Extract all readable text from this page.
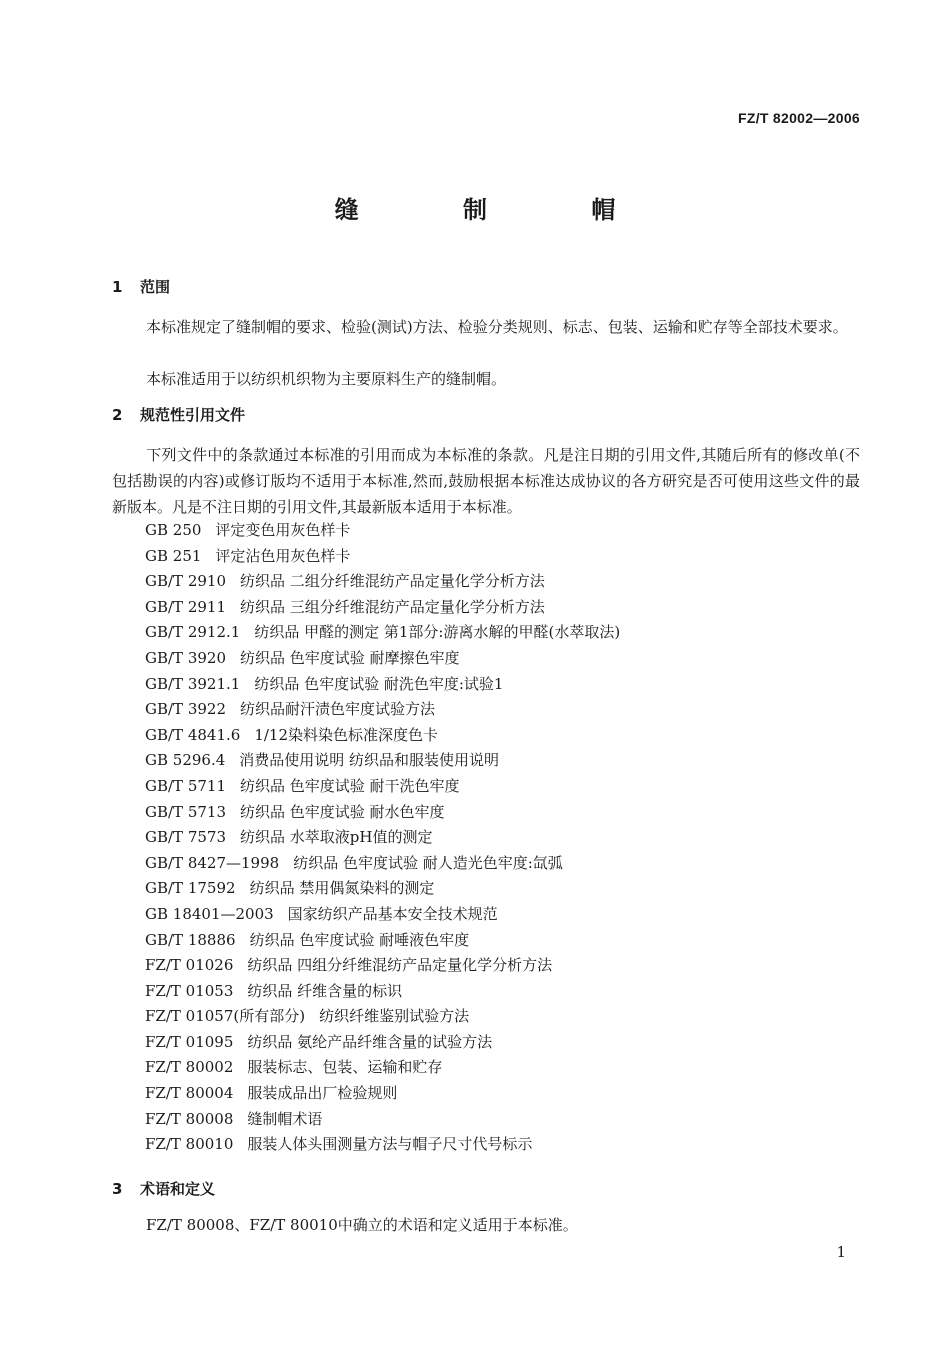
FZ/T 82002—2006
缝 制 帽
1 范围
本标准规定了缝制帽的要求、检验(测试)方法、检验分类规则、标志、包装、运输和贮存等全部技术要求。
本标准适用于以纺织机织物为主要原料生产的缝制帽。
2 规范性引用文件
下列文件中的条款通过本标准的引用而成为本标准的条款。凡是注日期的引用文件,其随后所有的修改单(不包括勘误的内容)或修订版均不适用于本标准,然而,鼓励根据本标准达成协议的各方研究是否可使用这些文件的最新版本。凡是不注日期的引用文件,其最新版本适用于本标准。
GB 250 评定变色用灰色样卡
GB 251 评定沾色用灰色样卡
GB/T 2910 纺织品 二组分纤维混纺产品定量化学分析方法
GB/T 2911 纺织品 三组分纤维混纺产品定量化学分析方法
GB/T 2912.1 纺织品 甲醛的测定 第1部分:游离水解的甲醛(水萃取法)
GB/T 3920 纺织品 色牢度试验 耐摩擦色牢度
GB/T 3921.1 纺织品 色牢度试验 耐洗色牢度:试验1
GB/T 3922 纺织品耐汗渍色牢度试验方法
GB/T 4841.6 1/12染料染色标准深度色卡
GB 5296.4 消费品使用说明 纺织品和服装使用说明
GB/T 5711 纺织品 色牢度试验 耐干洗色牢度
GB/T 5713 纺织品 色牢度试验 耐水色牢度
GB/T 7573 纺织品 水萃取液pH值的测定
GB/T 8427—1998 纺织品 色牢度试验 耐人造光色牢度:氙弧
GB/T 17592 纺织品 禁用偶氮染料的测定
GB 18401—2003 国家纺织产品基本安全技术规范
GB/T 18886 纺织品 色牢度试验 耐唾液色牢度
FZ/T 01026 纺织品 四组分纤维混纺产品定量化学分析方法
FZ/T 01053 纺织品 纤维含量的标识
FZ/T 01057(所有部分) 纺织纤维鉴别试验方法
FZ/T 01095 纺织品 氨纶产品纤维含量的试验方法
FZ/T 80002 服装标志、包装、运输和贮存
FZ/T 80004 服装成品出厂检验规则
FZ/T 80008 缝制帽术语
FZ/T 80010 服装人体头围测量方法与帽子尺寸代号标示
3 术语和定义
FZ/T 80008、FZ/T 80010中确立的术语和定义适用于本标准。
1
